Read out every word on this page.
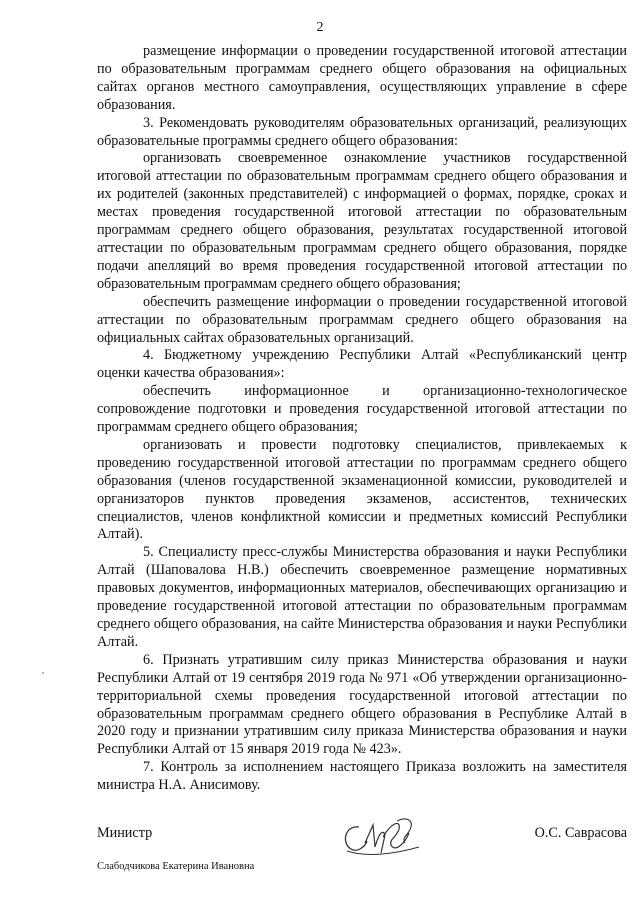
2

размещение информации о проведении государственной итоговой аттестации по образовательным программам среднего общего образования на официальных сайтах органов местного самоуправления, осуществляющих управление в сфере образования.

3. Рекомендовать руководителям образовательных организаций, реализующих образовательные программы среднего общего образования:

организовать своевременное ознакомление участников государственной итоговой аттестации по образовательным программам среднего общего образования и их родителей (законных представителей) с информацией о формах, порядке, сроках и местах проведения государственной итоговой аттестации по образовательным программам среднего общего образования, результатах государственной итоговой аттестации по образовательным программам среднего общего образования, порядке подачи апелляций во время проведения государственной итоговой аттестации по образовательным программам среднего общего образования;

обеспечить размещение информации о проведении государственной итоговой аттестации по образовательным программам среднего общего образования на официальных сайтах образовательных организаций.

4. Бюджетному учреждению Республики Алтай «Республиканский центр оценки качества образования»:

обеспечить информационное и организационно-технологическое сопровождение подготовки и проведения государственной итоговой аттестации по программам среднего общего образования;

организовать и провести подготовку специалистов, привлекаемых к проведению государственной итоговой аттестации по программам среднего общего образования (членов государственной экзаменационной комиссии, руководителей и организаторов пунктов проведения экзаменов, ассистентов, технических специалистов, членов конфликтной комиссии и предметных комиссий Республики Алтай).

5. Специалисту пресс-службы Министерства образования и науки Республики Алтай (Шаповалова Н.В.) обеспечить своевременное размещение нормативных правовых документов, информационных материалов, обеспечивающих организацию и проведение государственной итоговой аттестации по образовательным программам среднего общего образования, на сайте Министерства образования и науки Республики Алтай.

6. Признать утратившим силу приказ Министерства образования и науки Республики Алтай от 19 сентября 2019 года № 971 «Об утверждении организационно-территориальной схемы проведения государственной итоговой аттестации по образовательным программам среднего общего образования в Республике Алтай в 2020 году и признании утратившим силу приказа Министерства образования и науки Республики Алтай от 15 января 2019 года № 423».

7. Контроль за исполнением настоящего Приказа возложить на заместителя министра Н.А. Анисимову.

Министр	О.С. Саврасова
Слабодчикова Екатерина Ивановна
